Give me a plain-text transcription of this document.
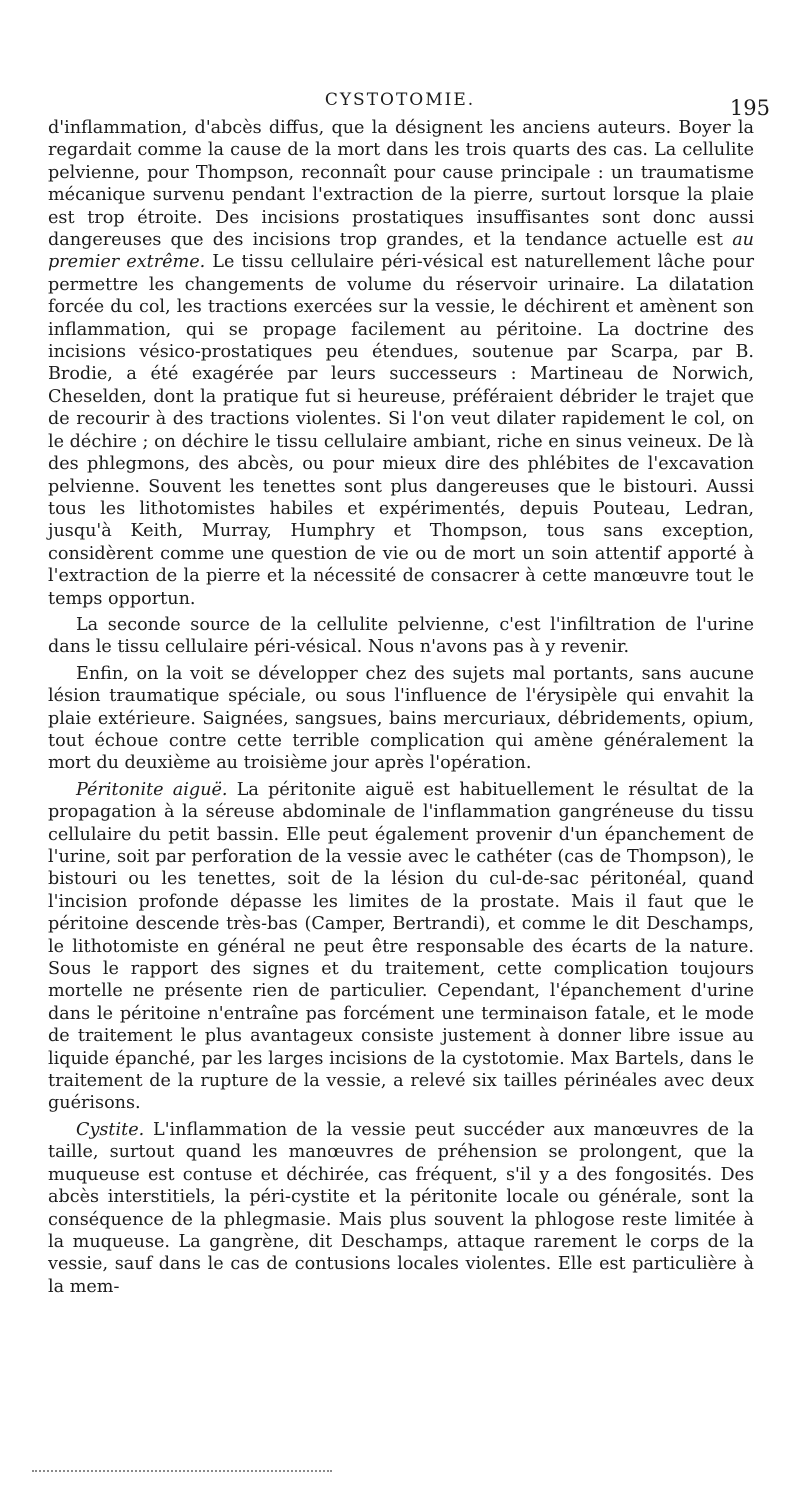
CYSTOTOMIE.	195

d'inflammation, d'abcès diffus, que la désignent les anciens auteurs. Boyer la regardait comme la cause de la mort dans les trois quarts des cas. La cellulite pelvienne, pour Thompson, reconnaît pour cause principale : un traumatisme mécanique survenu pendant l'extraction de la pierre, surtout lorsque la plaie est trop étroite. Des incisions prostatiques insuffisantes sont donc aussi dangereuses que des incisions trop grandes, et la tendance actuelle est au premier extrême. Le tissu cellulaire péri-vésical est naturellement lâche pour permettre les changements de volume du réservoir urinaire. La dilatation forcée du col, les tractions exercées sur la vessie, le déchirent et amènent son inflammation, qui se propage facilement au péritoine. La doctrine des incisions vésico-prostatiques peu étendues, soutenue par Scarpa, par B. Brodie, a été exagérée par leurs successeurs : Martineau de Norwich, Cheselden, dont la pratique fut si heureuse, préféraient débrider le trajet que de recourir à des tractions violentes. Si l'on veut dilater rapidement le col, on le déchire ; on déchire le tissu cellulaire ambiant, riche en sinus veineux. De là des phlegmons, des abcès, ou pour mieux dire des phlébites de l'excavation pelvienne. Souvent les tenettes sont plus dangereuses que le bistouri. Aussi tous les lithotomistes habiles et expérimentés, depuis Pouteau, Ledran, jusqu'à Keith, Murray, Humphry et Thompson, tous sans exception, considèrent comme une question de vie ou de mort un soin attentif apporté à l'extraction de la pierre et la nécessité de consacrer à cette manœuvre tout le temps opportun.

La seconde source de la cellulite pelvienne, c'est l'infiltration de l'urine dans le tissu cellulaire péri-vésical. Nous n'avons pas à y revenir.

Enfin, on la voit se développer chez des sujets mal portants, sans aucune lésion traumatique spéciale, ou sous l'influence de l'érysipèle qui envahit la plaie extérieure. Saignées, sangsues, bains mercuriaux, débridements, opium, tout échoue contre cette terrible complication qui amène généralement la mort du deuxième au troisième jour après l'opération.

Péritonite aiguë. La péritonite aiguë est habituellement le résultat de la propagation à la séreuse abdominale de l'inflammation gangréneuse du tissu cellulaire du petit bassin. Elle peut également provenir d'un épanchement de l'urine, soit par perforation de la vessie avec le cathéter (cas de Thompson), le bistouri ou les tenettes, soit de la lésion du cul-de-sac péritonéal, quand l'incision profonde dépasse les limites de la prostate. Mais il faut que le péritoine descende très-bas (Camper, Bertrandi), et comme le dit Deschamps, le lithotomiste en général ne peut être responsable des écarts de la nature. Sous le rapport des signes et du traitement, cette complication toujours mortelle ne présente rien de particulier. Cependant, l'épanchement d'urine dans le péritoine n'entraîne pas forcément une terminaison fatale, et le mode de traitement le plus avantageux consiste justement à donner libre issue au liquide épanché, par les larges incisions de la cystotomie. Max Bartels, dans le traitement de la rupture de la vessie, a relevé six tailles périnéales avec deux guérisons.

Cystite. L'inflammation de la vessie peut succéder aux manœuvres de la taille, surtout quand les manœuvres de préhension se prolongent, que la muqueuse est contuse et déchirée, cas fréquent, s'il y a des fongosités. Des abcès interstitiels, la péri-cystite et la péritonite locale ou générale, sont la conséquence de la phlegmasie. Mais plus souvent la phlogose reste limitée à la muqueuse. La gangrène, dit Deschamps, attaque rarement le corps de la vessie, sauf dans le cas de contusions locales violentes. Elle est particulière à la mem-
